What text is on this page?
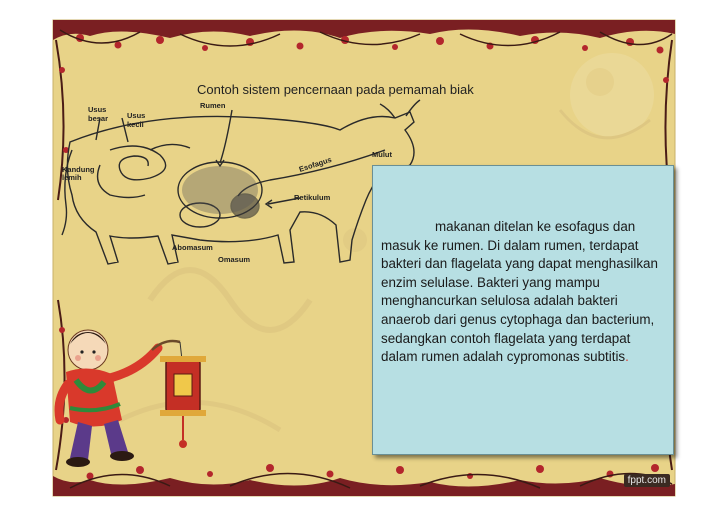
Rumen
Usus
besar	Usus
kecil
Kandung
lemih
Esofagus
Mulut
Retikulum
Abomasum
Omasum
Contoh sistem pencernaan pada pemamah biak

makanan ditelan ke esofagus dan masuk ke rumen. Di dalam rumen, terdapat bakteri dan flagelata yang dapat menghasilkan enzim selulase. Bakteri yang mampu menghancurkan selulosa adalah bakteri anaerob dari genus cytophaga dan bacterium, sedangkan contoh flagelata yang terdapat dalam rumen adalah cypromonas subtitis.

fppt.com
